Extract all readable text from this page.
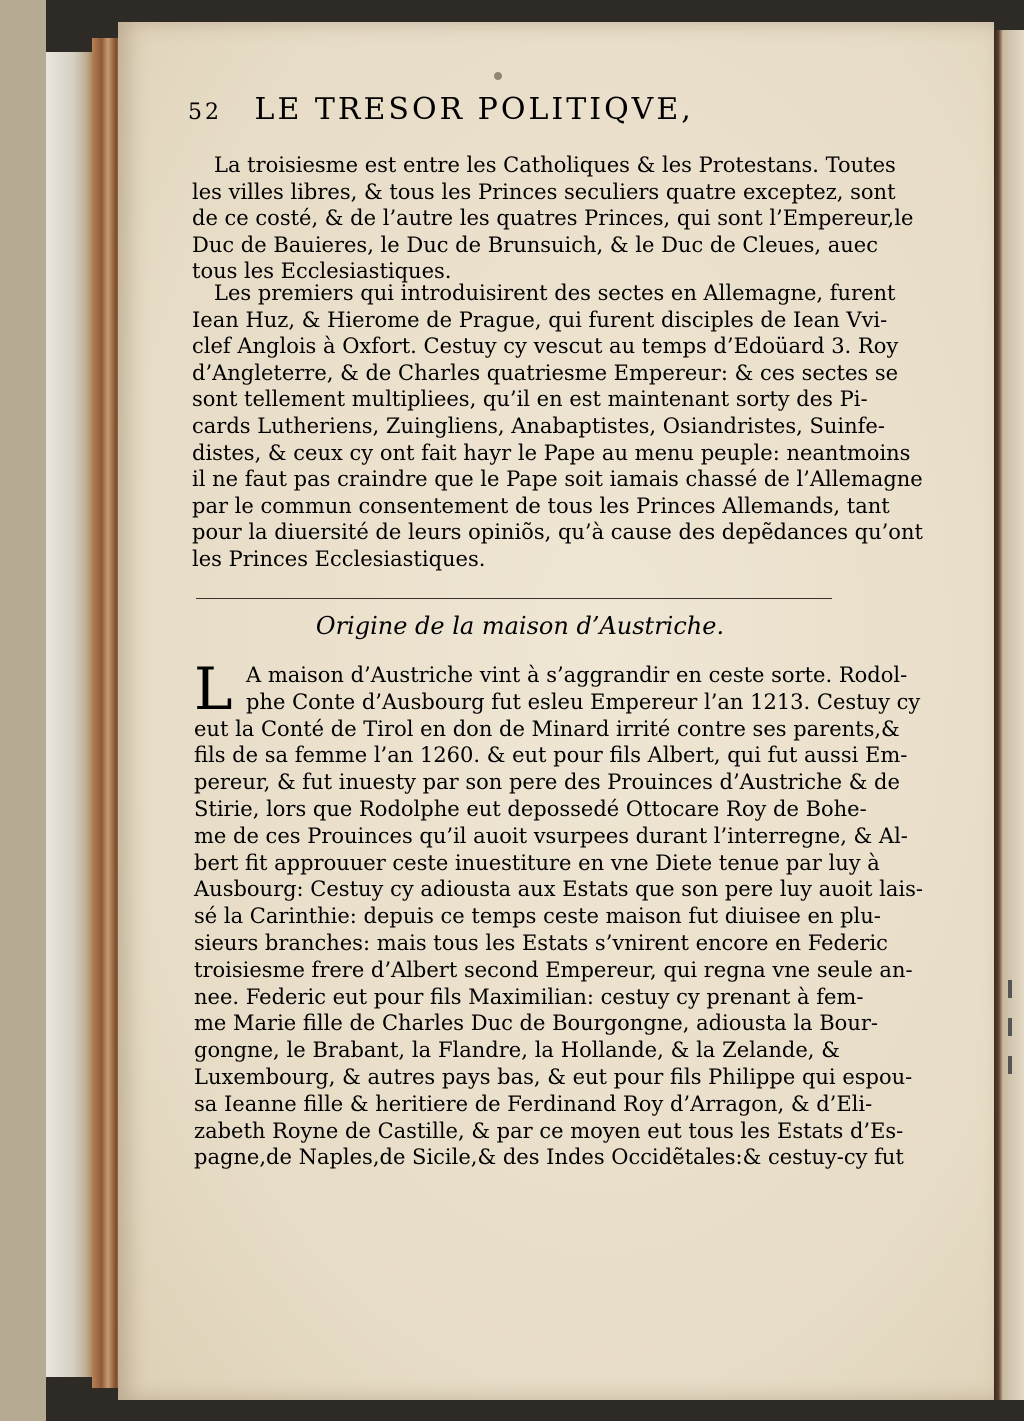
52 LE TRESOR POLITIQVE,

La troisiesme est entre les Catholiques & les Protestans. Toutes
les villes libres, & tous les Princes seculiers quatre exceptez, sont
de ce costé, & de l’autre les quatres Princes, qui sont l’Empereur,le
Duc de Bauieres, le Duc de Brunsuich, & le Duc de Cleues, auec
tous les Ecclesiastiques.

Les premiers qui introduisirent des sectes en Allemagne, furent
Iean Huz, & Hierome de Prague, qui furent disciples de Iean Vvi-
clef Anglois à Oxfort. Cestuy cy vescut au temps d’Edoüard 3. Roy
d’Angleterre, & de Charles quatriesme Empereur: & ces sectes se
sont tellement multipliees, qu’il en est maintenant sorty des Pi-
cards Lutheriens, Zuingliens, Anabaptistes, Osiandristes, Suinfe-
distes, & ceux cy ont fait hayr le Pape au menu peuple: neantmoins
il ne faut pas craindre que le Pape soit iamais chassé de l’Allemagne
par le commun consentement de tous les Princes Allemands, tant
pour la diuersité de leurs opiniõs, qu’à cause des depẽdances qu’ont
les Princes Ecclesiastiques.

Origine de la maison d’Austriche.
L A maison d’Austriche vint à s’aggrandir en ceste sorte. Rodol-
phe Conte d’Ausbourg fut esleu Empereur l’an 1213. Cestuy cy
eut la Conté de Tirol en don de Minard irrité contre ses parents,&
fils de sa femme l’an 1260. & eut pour fils Albert, qui fut aussi Em-
pereur, & fut inuesty par son pere des Prouinces d’Austriche & de
Stirie, lors que Rodolphe eut depossedé Ottocare Roy de Bohe-
me de ces Prouinces qu’il auoit vsurpees durant l’interregne, & Al-
bert fit approuuer ceste inuestiture en vne Diete tenue par luy à
Ausbourg: Cestuy cy adiousta aux Estats que son pere luy auoit lais-
sé la Carinthie: depuis ce temps ceste maison fut diuisee en plu-
sieurs branches: mais tous les Estats s’vnirent encore en Federic
troisiesme frere d’Albert second Empereur, qui regna vne seule an-
nee. Federic eut pour fils Maximilian: cestuy cy prenant à fem-
me Marie fille de Charles Duc de Bourgongne, adiousta la Bour-
gongne, le Brabant, la Flandre, la Hollande, & la Zelande, &
Luxembourg, & autres pays bas, & eut pour fils Philippe qui espou-
sa Ieanne fille & heritiere de Ferdinand Roy d’Arragon, & d’Eli-
zabeth Royne de Castille, & par ce moyen eut tous les Estats d’Es-
pagne,de Naples,de Sicile,& des Indes Occidẽtales:& cestuy-cy fut
